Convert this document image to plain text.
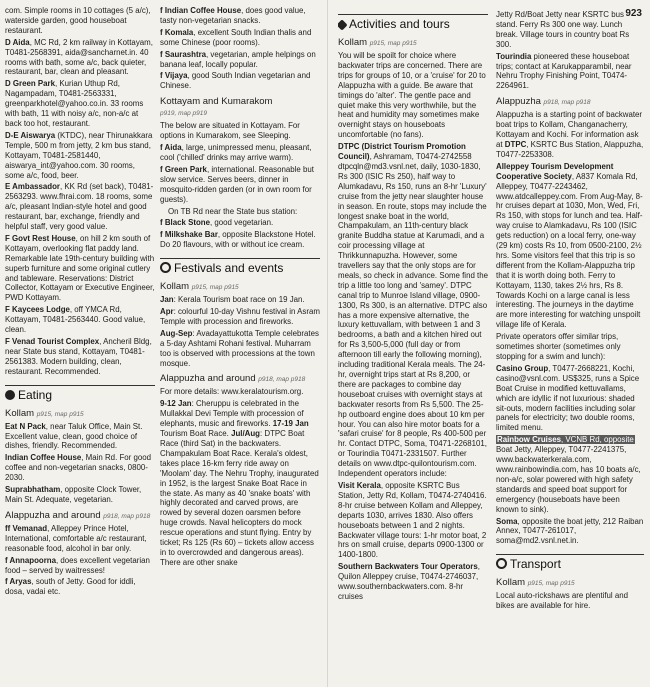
923

com. Simple rooms in 10 cottages (5 a/c), waterside garden, good houseboat restaurant.

D Aida, MC Rd, 2 km railway in Kottayam, T0481-2568391, aida@sancharnet.in. 40 rooms with bath, some a/c, back quieter, restaurant, bar, clean and pleasant.

D Green Park, Kurian Uthup Rd, Nagampadam, T0481-2563331, greenparkhotel@yahoo.co.in. 33 rooms with bath, 11 with noisy a/c, non-a/c at back too hot, restaurant.

D-E Aiswarya (KTDC), near Thirunakkara Temple, 500 m from jetty, 2 km bus stand, Kottayam, T0481-2581440, aiswarya_int@yahoo.com. 30 rooms, some a/c, food, beer.

E Ambassador, KK Rd (set back), T0481-2563293. www.fhrai.com. 18 rooms, some a/c, pleasant Indian-style hotel and good restaurant, bar, exchange, friendly and helpful staff, very good value.

F Govt Rest House, on hill 2 km south of Kottayam, overlooking flat paddy land. Remarkable late 19th-century building with superb furniture and some original cutlery and tableware. Reservations: District Collector, Kottayam or Executive Engineer, PWD Kottayam.

F Kaycees Lodge, off YMCA Rd, Kottayam, T0481-2563440. Good value, clean.

F Venad Tourist Complex, Ancheril Bldg, near State bus stand, Kottayam, T0481-2561383. Modern building, clean, restaurant. Recommended.

Eating
Kollam p915, map p915

Eat N Pack, near Taluk Office, Main St. Excellent value, clean, good choice of dishes, friendly. Recommended.

Indian Coffee House, Main Rd. For good coffee and non-vegetarian snacks, 0800-2030.

Suprabhatham, opposite Clock Tower, Main St. Adequate, vegetarian.

Alappuzha and around p918, map p918

ff Vemanad, Alleppey Prince Hotel, International, comfortable a/c restaurant, reasonable food, alcohol in bar only.

f Annapoorna, does excellent vegetarian food – served by waitresses!

f Aryas, south of Jetty. Good for iddli, dosa, vadai etc.

f Indian Coffee House, does good value, tasty non-vegetarian snacks.

f Komala, excellent South Indian thalis and some Chinese (poor rooms).

f Saurashtra, vegetarian, ample helpings on banana leaf, locally popular.

f Vijaya, good South Indian vegetarian and Chinese.

Kottayam and Kumarakom
p919, map p919

The below are situated in Kottayam. For options in Kumarakom, see Sleeping.

f Aida, large, unimpressed menu, pleasant, cool ('chilled' drinks may arrive warm).

f Green Park, international. Reasonable but slow service. Serves beers, dinner in mosquito-ridden garden (or in own room for guests).

On TB Rd near the State bus station:

f Black Stone, good vegetarian.

f Milkshake Bar, opposite Blackstone Hotel. Do 20 flavours, with or without ice cream.

Festivals and events
Kollam p915, map p915

Jan: Kerala Tourism boat race on 19 Jan.

Apr: colourful 10-day Vishnu festival in Asram Temple with procession and fireworks.

Aug-Sep: Avadayattukotta Temple celebrates a 5-day Ashtami Rohani festival. Muharram too is observed with processions at the town mosque.

Alappuzha and around p918, map p918

For more details: www.keralatourism.org.

9-12 Jan: Cheruppu is celebrated in the Mullakkal Devi Temple with procession of elephants, music and fireworks. 17-19 Jan Tourism Boat Race. Jul/Aug: DTPC Boat Race (third Sat) in the backwaters. Champakulam Boat Race. Kerala's oldest, takes place 16-km ferry ride away on 'Moolam' day. The Nehru Trophy, inaugurated in 1952, is the largest Snake Boat Race in the state. As many as 40 'snake boats' with highly decorated and carved prows, are rowed by several dozen oarsmen before huge crowds. Naval helicopters do mock rescue operations and stunt flying. Entry by ticket; Rs 125 (Rs 60) – tickets allow access in to overcrowded and dangerous areas). There are other snake

Activities and tours
Kollam p915, map p915

You will be spoilt for choice where backwater trips are concerned. There are trips for groups of 10, or a 'cruise' for 20 to Alappuzha with a guide. Be aware that timings do 'alter'. The gentle pace and quiet make this very worthwhile, but the heat and humidity may sometimes make overnight stays on houseboats uncomfortable (no fans).

DTPC (District Tourism Promotion Council), Ashramam, T0474-2742558 dtpcqln@md3.vsnl.net, daily, 1030-1830, Rs 300 (ISIC Rs 250), half way to Alumkadavu, Rs 150, runs an 8-hr 'Luxury' cruise from the jetty near slaughter house in season. En route, stops may include the longest snake boat in the world, Champakulam, an 11th-century black granite Buddha statue at Karumadi, and a coir processing village at Thrikkunnapuzha. However, some travellers say that the only stops are for meals, so check in advance. Some find the trip a little too long and 'samey'. DTPC canal trip to Munroe Island village, 0900-1300, Rs 300, is an alternative. DTPC also has a more expensive alternative, the luxury kettuvallam, with between 1 and 3 bedrooms, a bath and a kitchen hired out for Rs 3,500-5,000 (full day or from afternoon till early the following morning), including traditional Kerala meals. The 24-hr, overnight trips start at Rs 8,200, or there are packages to combine day houseboat cruises with overnight stays at backwater resorts from Rs 5,500. The 25-hp outboard engine does about 10 km per hour. You can also hire motor boats for a 'safari cruise' for 8 people, Rs 400-500 per hr. Contact DTPC, Soma, T0471-2268101, or Tourindia T0471-2331507. Further details on www.dtpc-quilontourism.com. Independent operators include:

Visit Kerala, opposite KSRTC Bus Station, Jetty Rd, Kollam, T0474-2740416. 8-hr cruise between Kollam and Alleppey, departs 1030, arrives 1830. Also offers houseboats between 1 and 2 nights. Backwater village tours: 1-hr motor boat, 2 hrs on small cruise, departs 0900-1300 or 1400-1800.

Southern Backwaters Tour Operators, Quilon Alleppey cruise, T0474-2746037, www.southernbackwaters.com. 8-hr cruises

Jetty Rd/Boat Jetty near KSRTC bus stand. Ferry Rs 300 one way. Lunch break. Village tours in country boat Rs 300.

Tourindia pioneered these houseboat trips; contact at Karukapparambil, near Nehru Trophy Finishing Point, T0474-2264961.

Alappuzha p918, map p918

Alappuzha is a starting point of backwater boat trips to Kollam, Changanacherry, Kottayam and Kochi. For information ask at DTPC, KSRTC Bus Station, Alappuzha, T0477-2253308.

Alleppey Tourism Development Cooperative Society, A837 Komala Rd, Alleppey, T0477-2243462, www.atdcalleppey.com. From Aug-May, 8-hr cruises depart at 1030, Mon, Wed, Fri, Rs 150, with stops for lunch and tea. Half-way cruise to Alamkadavu, Rs 100 (ISIC gets reduction) on a local ferry, one-way (29 km) costs Rs 10, from 0500-2100, 2½ hrs. Some visitors feel that this trip is so different from the Kollam-Alappuzha trip that it is worth doing both. Ferry to Kottayam, 1130, takes 2½ hrs, Rs 8. Towards Kochi on a large canal is less interesting. The journeys in the daytime are more interesting for watching unspoilt village life of Kerala.

Private operators offer similar trips, sometimes shorter (sometimes only stopping for a swim and lunch):

Casino Group, T0477-2668221, Kochi, casino@vsnl.com. US$325, runs a Spice Boat Cruise in modified kettuvallams, which are idyllic if not luxurious: shaded sit-outs, modern facilities including solar panels for electricity; two double rooms, limited menu.

Rainbow Cruises, VCNB Rd, opposite Boat Jetty, Alleppey, T0477-2241375, www.backwaterkerala.com, www.rainbowindia.com, has 10 boats a/c, non-a/c, solar powered with high safety standards and speed boat support for emergency (houseboats have been known to sink).

Soma, opposite the boat jetty, 212 Raiban Annex, T0477-261017, soma@md2.vsnl.net.in.

Transport
Kollam p915, map p915

Local auto-rickshaws are plentiful and bikes are available for hire.
